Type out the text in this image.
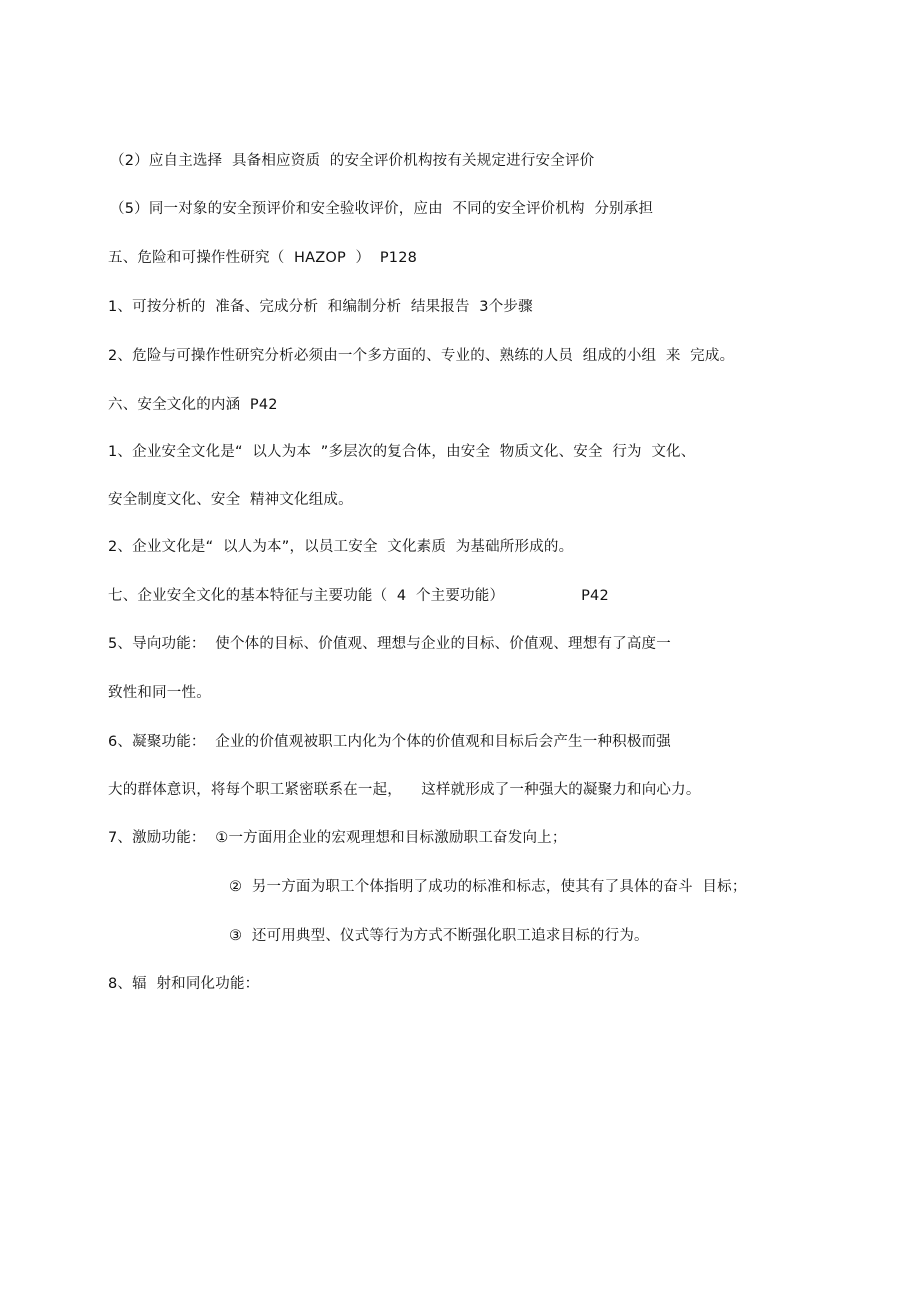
（2）应自主选择  具备相应资质  的安全评价机构按有关规定进行安全评价
（5）同一对象的安全预评价和安全验收评价，应由  不同的安全评价机构  分别承担
五、危险和可操作性研究（  HAZOP  ）  P128
1、可按分析的  准备、完成分析  和编制分析  结果报告  3个步骤
2、危险与可操作性研究分析必须由一个多方面的、专业的、熟练的人员  组成的小组  来  完成。
六、安全文化的内涵  P42
1、企业安全文化是“  以人为本  ”多层次的复合体，由安全  物质文化、安全  行为  文化、
安全制度文化、安全  精神文化组成。
2、企业文化是“  以人为本”，以员工安全  文化素质  为基础所形成的。
七、企业安全文化的基本特征与主要功能（  4  个主要功能）                P42
5、导向功能：  使个体的目标、价值观、理想与企业的目标、价值观、理想有了高度一
致性和同一性。
6、凝聚功能：  企业的价值观被职工内化为个体的价值观和目标后会产生一种积极而强
大的群体意识，将每个职工紧密联系在一起，    这样就形成了一种强大的凝聚力和向心力。
7、激励功能：  ①一方面用企业的宏观理想和目标激励职工奋发向上；
②  另一方面为职工个体指明了成功的标准和标志，使其有了具体的奋斗  目标；
③  还可用典型、仪式等行为方式不断强化职工追求目标的行为。
8、辐  射和同化功能：
